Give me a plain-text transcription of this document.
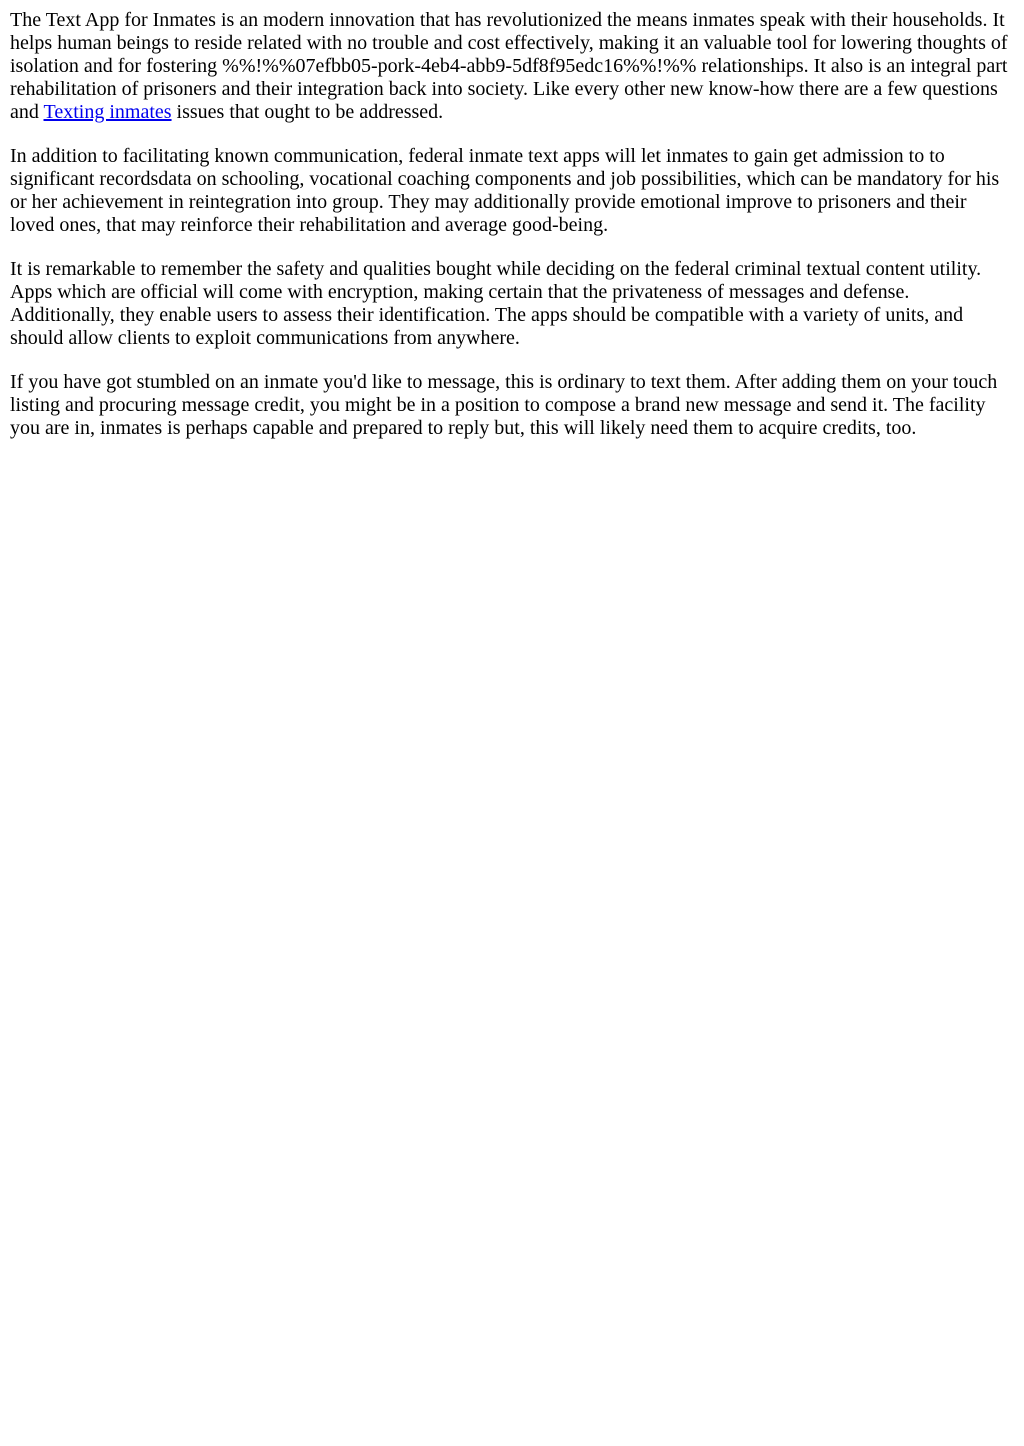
The Text App for Inmates is an modern innovation that has revolutionized the means inmates speak with their households. It helps human beings to reside related with no trouble and cost effectively, making it an valuable tool for lowering thoughts of isolation and for fostering %%!%%07efbb05-pork-4eb4-abb9-5df8f95edc16%%!%% relationships. It also is an integral part rehabilitation of prisoners and their integration back into society. Like every other new know-how there are a few questions and Texting inmates issues that ought to be addressed.

In addition to facilitating known communication, federal inmate text apps will let inmates to gain get admission to to significant recordsdata on schooling, vocational coaching components and job possibilities, which can be mandatory for his or her achievement in reintegration into group. They may additionally provide emotional improve to prisoners and their loved ones, that may reinforce their rehabilitation and average good-being.

It is remarkable to remember the safety and qualities bought while deciding on the federal criminal textual content utility. Apps which are official will come with encryption, making certain that the privateness of messages and defense. Additionally, they enable users to assess their identification. The apps should be compatible with a variety of units, and should allow clients to exploit communications from anywhere.

If you have got stumbled on an inmate you'd like to message, this is ordinary to text them. After adding them on your touch listing and procuring message credit, you might be in a position to compose a brand new message and send it. The facility you are in, inmates is perhaps capable and prepared to reply but, this will likely need them to acquire credits, too.
